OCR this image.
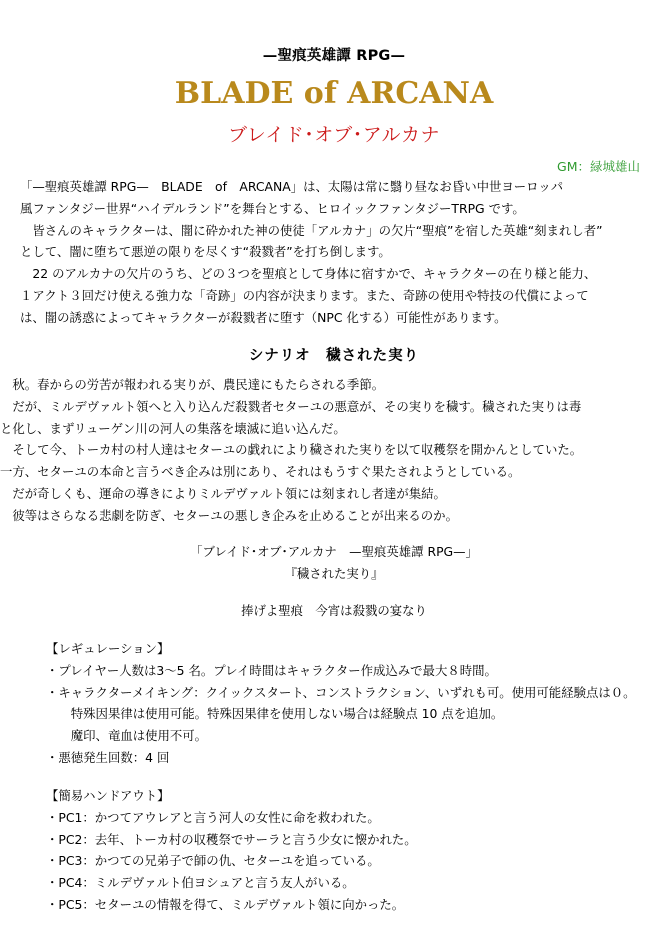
—聖痕英雄譚 RPG—
BLADE of ARCANA
ブレイド･オブ･アルカナ
GM：緑城雄山

「—聖痕英雄譚 RPG—　BLADE　of　ARCANA」は、太陽は常に翳り昼なお昏い中世ヨーロッパ

風ファンタジー世界“ハイデルランド”を舞台とする、ヒロイックファンタジーTRPG です。

　皆さんのキャラクターは、闇に砕かれた神の使徒「アルカナ」の欠片“聖痕”を宿した英雄“刻まれし者”

として、闇に堕ちて悪逆の限りを尽くす“殺戮者”を打ち倒します。

　22 のアルカナの欠片のうち、どの３つを聖痕として身体に宿すかで、キャラクターの在り様と能力、

１アクト３回だけ使える強力な「奇跡」の内容が決まります。また、奇跡の使用や特技の代償によって

は、闇の誘惑によってキャラクターが殺戮者に堕す（NPC 化する）可能性があります。

シナリオ　穢された実り

　秋。春からの労苦が報われる実りが、農民達にもたらされる季節。

　だが、ミルデヴァルト領へと入り込んだ殺戮者セターユの悪意が、その実りを穢す。穢された実りは毒

と化し、まずリューゲン川の河人の集落を壊滅に追い込んだ。

　そして今、トーカ村の村人達はセターユの戯れにより穢された実りを以て収穫祭を開かんとしていた。

一方、セターユの本命と言うべき企みは別にあり、それはもうすぐ果たされようとしている。

　だが奇しくも、運命の導きによりミルデヴァルト領には刻まれし者達が集結。

　彼等はさらなる悲劇を防ぎ、セターユの悪しき企みを止めることが出来るのか。

「ブレイド･オブ･アルカナ　—聖痕英雄譚 RPG—」
『穢された実り』
捧げよ聖痕　今宵は殺戮の宴なり

【レギュレーション】

・プレイヤー人数は3～5 名。プレイ時間はキャラクター作成込みで最大８時間。

・キャラクターメイキング：クイックスタート、コンストラクション、いずれも可。使用可能経験点は０。

　　特殊因果律は使用可能。特殊因果律を使用しない場合は経験点 10 点を追加。

　　魔印、竜血は使用不可。

・悪徳発生回数：4 回

【簡易ハンドアウト】

・PC1：かつてアウレアと言う河人の女性に命を救われた。

・PC2：去年、トーカ村の収穫祭でサーラと言う少女に懐かれた。

・PC3：かつての兄弟子で師の仇、セターユを追っている。

・PC4：ミルデヴァルト伯ヨシュアと言う友人がいる。

・PC5：セターユの情報を得て、ミルデヴァルト領に向かった。
